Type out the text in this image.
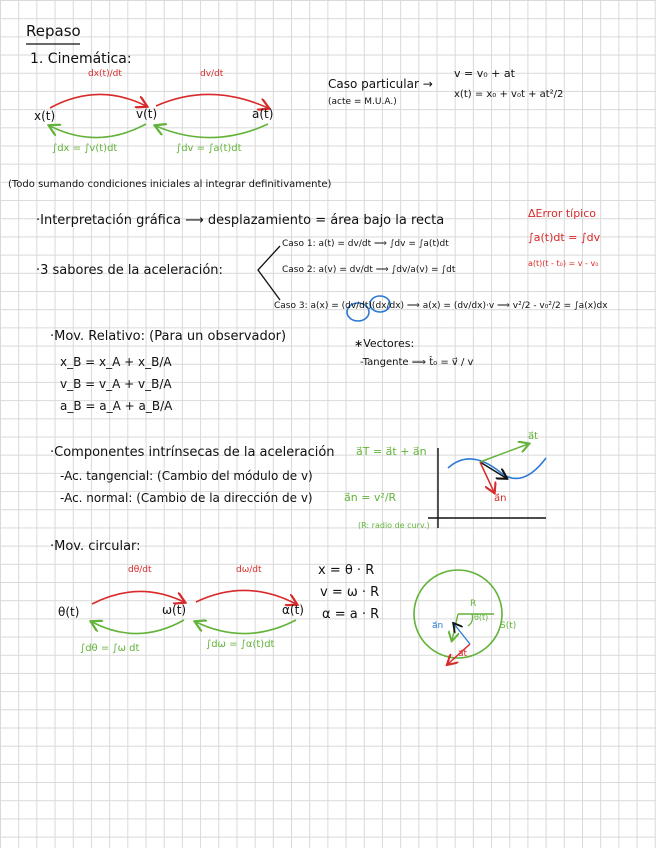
Repaso
1. Cinemática:
x(t)	v(t)	a(t)
dx(t)/dt	dv/dt
∫dx = ∫v(t)dt	∫dv = ∫a(t)dt
Caso particular →
(acte = M.U.A.)
v = v₀ + at
x(t) = x₀ + v₀t + at²/2
(Todo sumando condiciones iniciales al integrar definitivamente)
·Interpretación gráfica ⟶ desplazamiento = área bajo la recta	ΔError típico
∫a(t)dt = ∫dv
a(t)(t - t₀) = v - v₀
·3 sabores de la aceleración:
Caso 1: a(t) = dv/dt ⟹ ∫dv = ∫a(t)dt
Caso 2: a(v) = dv/dt ⟹ ∫dv/a(v) = ∫dt
Caso 3: a(x) = (dv/dt)(dx/dx) ⟹ a(x) = (dv/dx)·v ⟹ v²/2 - v₀²/2 = ∫a(x)dx
·Mov. Relativo: (Para un observador)
x_B = x_A + x_B/A
v_B = v_A + v_B/A
a_B = a_A + a_B/A
∗Vectores:
-Tangente ⟹ t̂₀ = v⃗ / v
·Componentes intrínsecas de la aceleración a⃗T = a⃗t + a⃗n
-Ac. tangencial: (Cambio del módulo de v)
-Ac. normal: (Cambio de la dirección de v)	a⃗n = v²/R
(R: radio de curv.)
a⃗t
a⃗n
·Mov. circular:
θ(t)	ω(t)	α(t)
dθ/dt	dω/dt
∫dθ = ∫ω dt	∫dω = ∫α(t)dt
x = θ · R
v = ω · R
α = a · R
R
θ(t)
S(t)
a⃗n
a⃗t
